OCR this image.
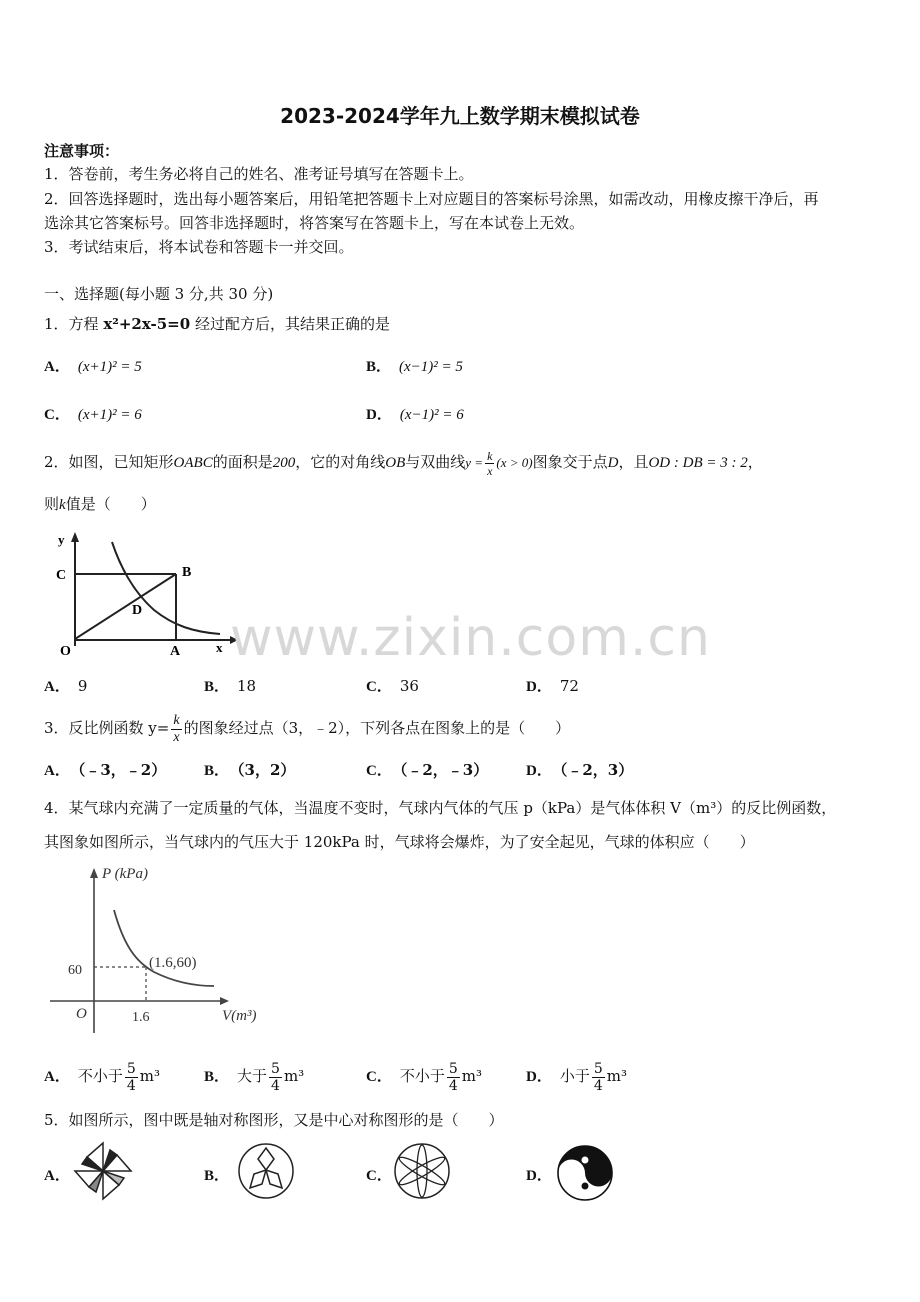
2023-2024学年九上数学期末模拟试卷
注意事项：
1．答卷前，考生务必将自己的姓名、准考证号填写在答题卡上。
2．回答选择题时，选出每小题答案后，用铅笔把答题卡上对应题目的答案标号涂黑，如需改动，用橡皮擦干净后，再
选涂其它答案标号。回答非选择题时，将答案写在答题卡上，写在本试卷上无效。
3．考试结束后，将本试卷和答题卡一并交回。
一、选择题(每小题 3 分,共 30 分)
1．方程 x²+2x-5=0 经过配方后，其结果正确的是
A． (x+1)² = 5	B． (x−1)² = 5
C． (x+1)² = 6	D． (x−1)² = 6
2．如图，已知矩形OABC的面积是200，它的对角线OB与双曲线$y = \frac{k}{x} (x > 0)$图象交于点D，且OD : DB = 3 : 2，
则k值是（　　）
y
C	B
D
O	A	x www.zixin.com.cn
A． 9	B． 18	C． 36	D． 72
3．反比例函数 $y= \frac{k}{x}$ 的图象经过点（3，﹣2），下列各点在图象上的是（　　）
A． （﹣3，﹣2）	B． （3，2）	C． （﹣2，﹣3）	D． （﹣2，3）
4．某气球内充满了一定质量的气体，当温度不变时，气球内气体的气压 p（kPa）是气体体积 V（m³）的反比例函数，
其图象如图所示，当气球内的气压大于 120kPa 时，气球将会爆炸，为了安全起见，气球的体积应（　　）
P (kPa)
60	(1.6,60)
O	1.6	V(m³)
A． 不小于 $\frac{5}{4} m^3$	B． 大于 $\frac{5}{4} m^3$	C． 不小于 $\frac{5}{4} m^3$	D． 小于 $\frac{5}{4} m^3$
5．如图所示，图中既是轴对称图形，又是中心对称图形的是（　　）
A．	B．	C．	D．
